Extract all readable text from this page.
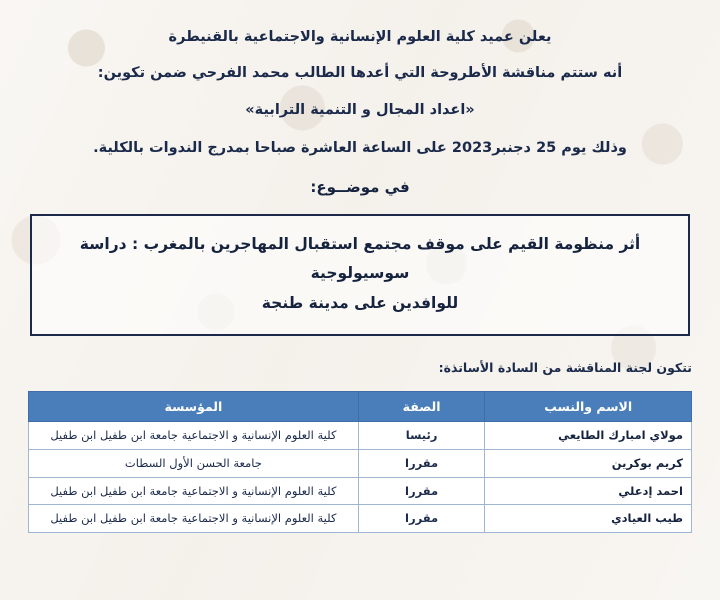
يعلن عميد كلية العلوم الإنسانية والاجتماعية بالقنيطرة

أنه ستتم مناقشة الأطروحة التي أعدها الطالب محمد الفرحي ضمن تكوين:

«اعداد المجال و التنمية الترابية»

وذلك يوم 25 دجنبر2023 على الساعة العاشرة صباحا بمدرج الندوات بالكلية.

في موضــوع:

أثر منظومة القيم على موقف مجتمع استقبال المهاجرين بالمغرب : دراسة سوسيولوجية
للوافدين على مدينة طنجة

تتكون لجنة المناقشة من السادة الأساتذة:

الاسم والنسب	الصفة	المؤسسة
مولاي امبارك الطايعي	رئيسا	كلية العلوم الإنسانية و الاجتماعية جامعة ابن طفيل ابن طفيل
كريم بوكرين	مقررا	جامعة الحسن الأول السطات
احمد إدعلي	مقررا	كلية العلوم الإنسانية و الاجتماعية جامعة ابن طفيل ابن طفيل
طيب العيادي	مقررا	كلية العلوم الإنسانية و الاجتماعية جامعة ابن طفيل ابن طفيل
